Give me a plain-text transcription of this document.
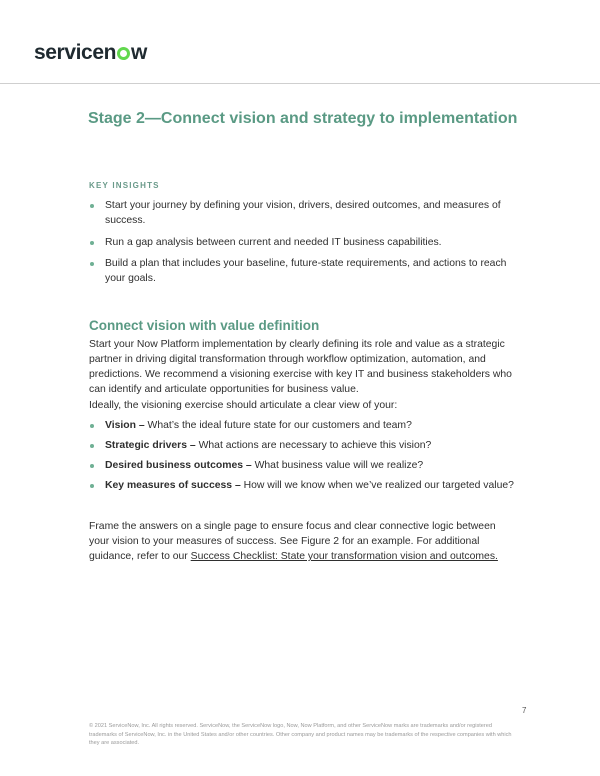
servicen w
Stage 2—Connect vision and strategy to implementation
KEY INSIGHTS
Start your journey by defining your vision, drivers, desired outcomes, and measures of success.
Run a gap analysis between current and needed IT business capabilities.
Build a plan that includes your baseline, future-state requirements, and actions to reach your goals.
Connect vision with value definition

Start your Now Platform implementation by clearly defining its role and value as a strategic partner in driving digital transformation through workflow optimization, automation, and predictions. We recommend a visioning exercise with key IT and business stakeholders who can identify and articulate opportunities for business value.

Ideally, the visioning exercise should articulate a clear view of your:

Vision – What’s the ideal future state for our customers and team?
Strategic drivers – What actions are necessary to achieve this vision?
Desired business outcomes – What business value will we realize?
Key measures of success – How will we know when we’ve realized our targeted value?

Frame the answers on a single page to ensure focus and clear connective logic between your vision to your measures of success. See Figure 2 for an example. For additional guidance, refer to our Success Checklist: State your transformation vision and outcomes.

7
© 2021 ServiceNow, Inc. All rights reserved. ServiceNow, the ServiceNow logo, Now, Now Platform, and other ServiceNow marks are trademarks and/or registered trademarks of ServiceNow, Inc. in the United States and/or other countries. Other company and product names may be trademarks of the respective companies with which they are associated.
